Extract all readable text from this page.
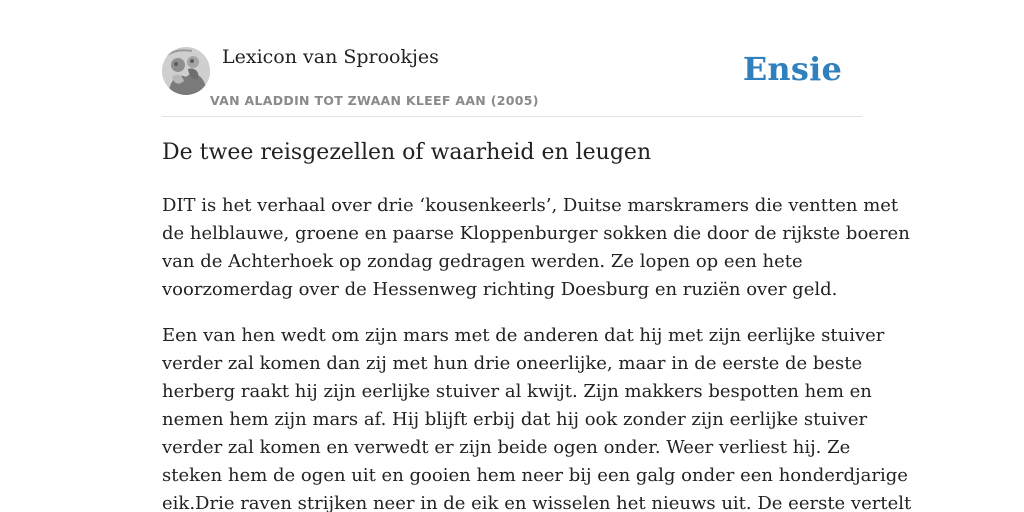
Lexicon van Sprookjes
VAN ALADDIN TOT ZWAAN KLEEF AAN (2005)
Ensie
De twee reisgezellen of waarheid en leugen

DIT is het verhaal over drie ‘kousenkeerls’, Duitse marskramers die ventten met
de helblauwe, groene en paarse Kloppenburger sokken die door de rijkste boeren
van de Achterhoek op zondag gedragen werden. Ze lopen op een hete
voorzomerdag over de Hessenweg richting Doesburg en ruziën over geld.

Een van hen wedt om zijn mars met de anderen dat hij met zijn eerlijke stuiver
verder zal komen dan zij met hun drie oneerlijke, maar in de eerste de beste
herberg raakt hij zijn eerlijke stuiver al kwijt. Zijn makkers bespotten hem en
nemen hem zijn mars af. Hij blijft erbij dat hij ook zonder zijn eerlijke stuiver
verder zal komen en verwedt er zijn beide ogen onder. Weer verliest hij. Ze
steken hem de ogen uit en gooien hem neer bij een galg onder een honderdjarige
eik.Drie raven strijken neer in de eik en wisselen het nieuws uit. De eerste vertelt
